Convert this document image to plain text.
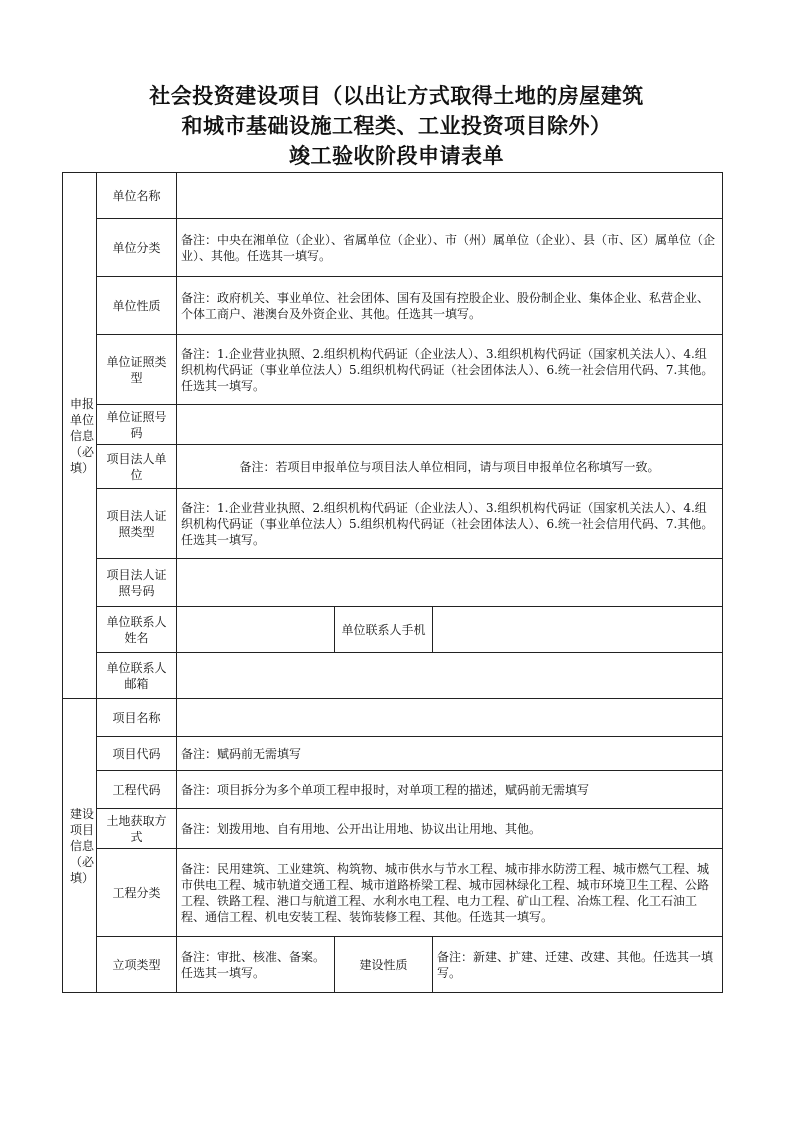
社会投资建设项目（以出让方式取得土地的房屋建筑
和城市基础设施工程类、工业投资项目除外）
竣工验收阶段申请表单
申报单位信息（必填）	单位名称			
	单位分类	备注：中央在湘单位（企业）、省属单位（企业）、市（州）属单位（企业）、县（市、区）属单位（企业）、其他。任选其一填写。		
	单位性质	备注：政府机关、事业单位、社会团体、国有及国有控股企业、股份制企业、集体企业、私营企业、个体工商户、港澳台及外资企业、其他。任选其一填写。		
	单位证照类型	备注：1.企业营业执照、2.组织机构代码证（企业法人）、3.组织机构代码证（国家机关法人）、4.组织机构代码证（事业单位法人）5.组织机构代码证（社会团体法人）、6.统一社会信用代码、7.其他。任选其一填写。		
	单位证照号码			
	项目法人单位	备注：若项目申报单位与项目法人单位相同，请与项目申报单位名称填写一致。		
	项目法人证照类型	备注：1.企业营业执照、2.组织机构代码证（企业法人）、3.组织机构代码证（国家机关法人）、4.组织机构代码证（事业单位法人）5.组织机构代码证（社会团体法人）、6.统一社会信用代码、7.其他。任选其一填写。		
	项目法人证照号码			
	单位联系人姓名		单位联系人手机	
	单位联系人邮箱			

建设项目信息（必填）	项目名称			
	项目代码	备注：赋码前无需填写		
	工程代码	备注：项目拆分为多个单项工程申报时，对单项工程的描述，赋码前无需填写		
	土地获取方式	备注：划拨用地、自有用地、公开出让用地、协议出让用地、其他。		
	工程分类	备注：民用建筑、工业建筑、构筑物、城市供水与节水工程、城市排水防涝工程、城市燃气工程、城市供电工程、城市轨道交通工程、城市道路桥梁工程、城市园林绿化工程、城市环境卫生工程、公路工程、铁路工程、港口与航道工程、水利水电工程、电力工程、矿山工程、冶炼工程、化工石油工程、通信工程、机电安装工程、装饰装修工程、其他。任选其一填写。		
	立项类型	备注：审批、核准、备案。任选其一填写。	建设性质	备注：新建、扩建、迁建、改建、其他。任选其一填写。
